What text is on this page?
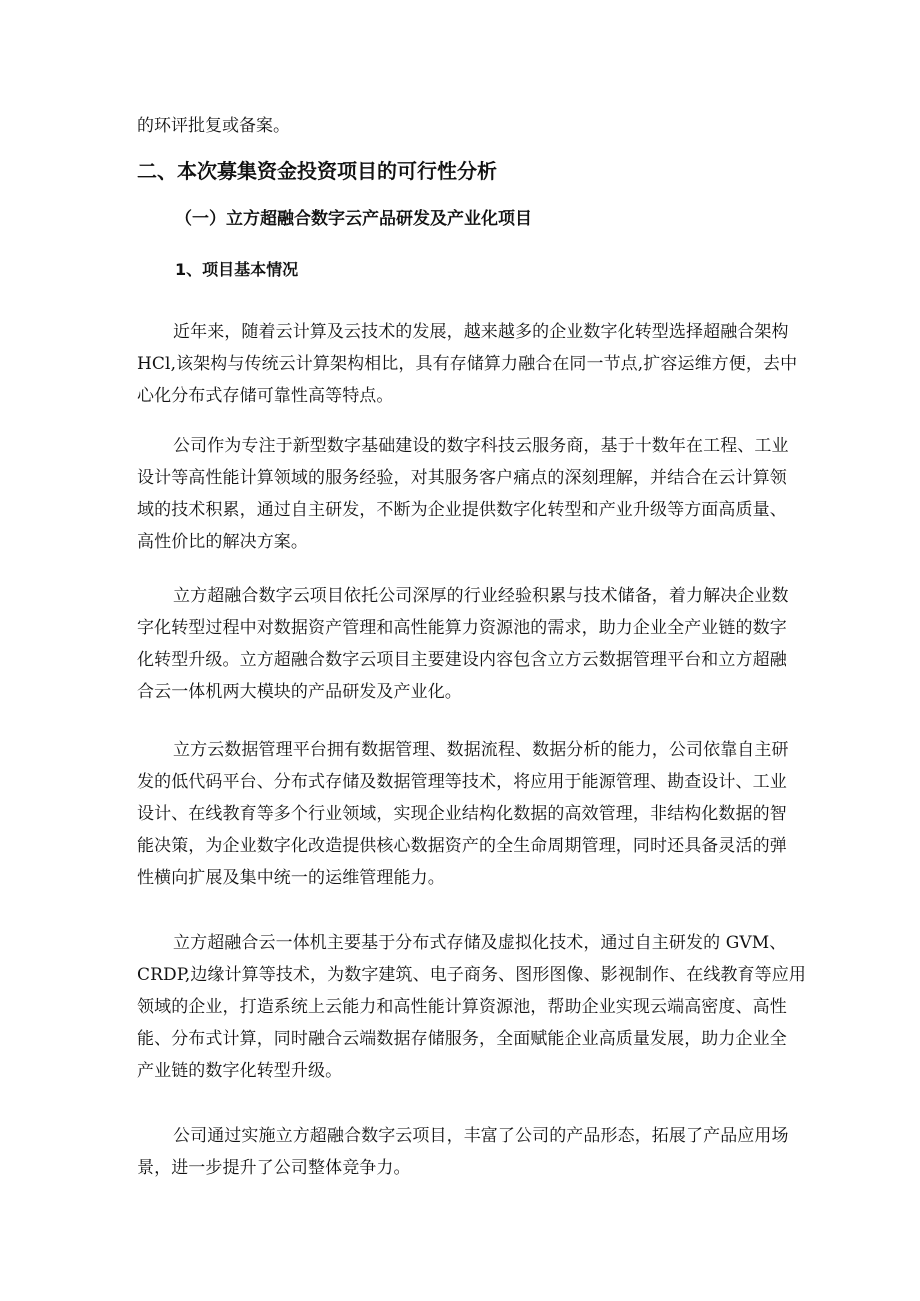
的环评批复或备案。
二、本次募集资金投资项目的可行性分析
（一）立方超融合数字云产品研发及产业化项目
1、项目基本情况
近年来，随着云计算及云技术的发展，越来越多的企业数字化转型选择超融合架构
HCl,该架构与传统云计算架构相比，具有存储算力融合在同一节点,扩容运维方便，去中
心化分布式存储可靠性高等特点。
公司作为专注于新型数字基础建设的数字科技云服务商，基于十数年在工程、工业
设计等高性能计算领域的服务经验，对其服务客户痛点的深刻理解，并结合在云计算领
域的技术积累，通过自主研发，不断为企业提供数字化转型和产业升级等方面高质量、
高性价比的解决方案。
立方超融合数字云项目依托公司深厚的行业经验积累与技术储备，着力解决企业数
字化转型过程中对数据资产管理和高性能算力资源池的需求，助力企业全产业链的数字
化转型升级。立方超融合数字云项目主要建设内容包含立方云数据管理平台和立方超融
合云一体机两大模块的产品研发及产业化。
立方云数据管理平台拥有数据管理、数据流程、数据分析的能力，公司依靠自主研
发的低代码平台、分布式存储及数据管理等技术，将应用于能源管理、勘查设计、工业
设计、在线教育等多个行业领域，实现企业结构化数据的高效管理，非结构化数据的智
能决策，为企业数字化改造提供核心数据资产的全生命周期管理，同时还具备灵活的弹
性横向扩展及集中统一的运维管理能力。
立方超融合云一体机主要基于分布式存储及虚拟化技术，通过自主研发的 GVM、
CRDP,边缘计算等技术，为数字建筑、电子商务、图形图像、影视制作、在线教育等应用
领域的企业，打造系统上云能力和高性能计算资源池，帮助企业实现云端高密度、高性
能、分布式计算，同时融合云端数据存储服务，全面赋能企业高质量发展，助力企业全
产业链的数字化转型升级。
公司通过实施立方超融合数字云项目，丰富了公司的产品形态，拓展了产品应用场
景，进一步提升了公司整体竞争力。
